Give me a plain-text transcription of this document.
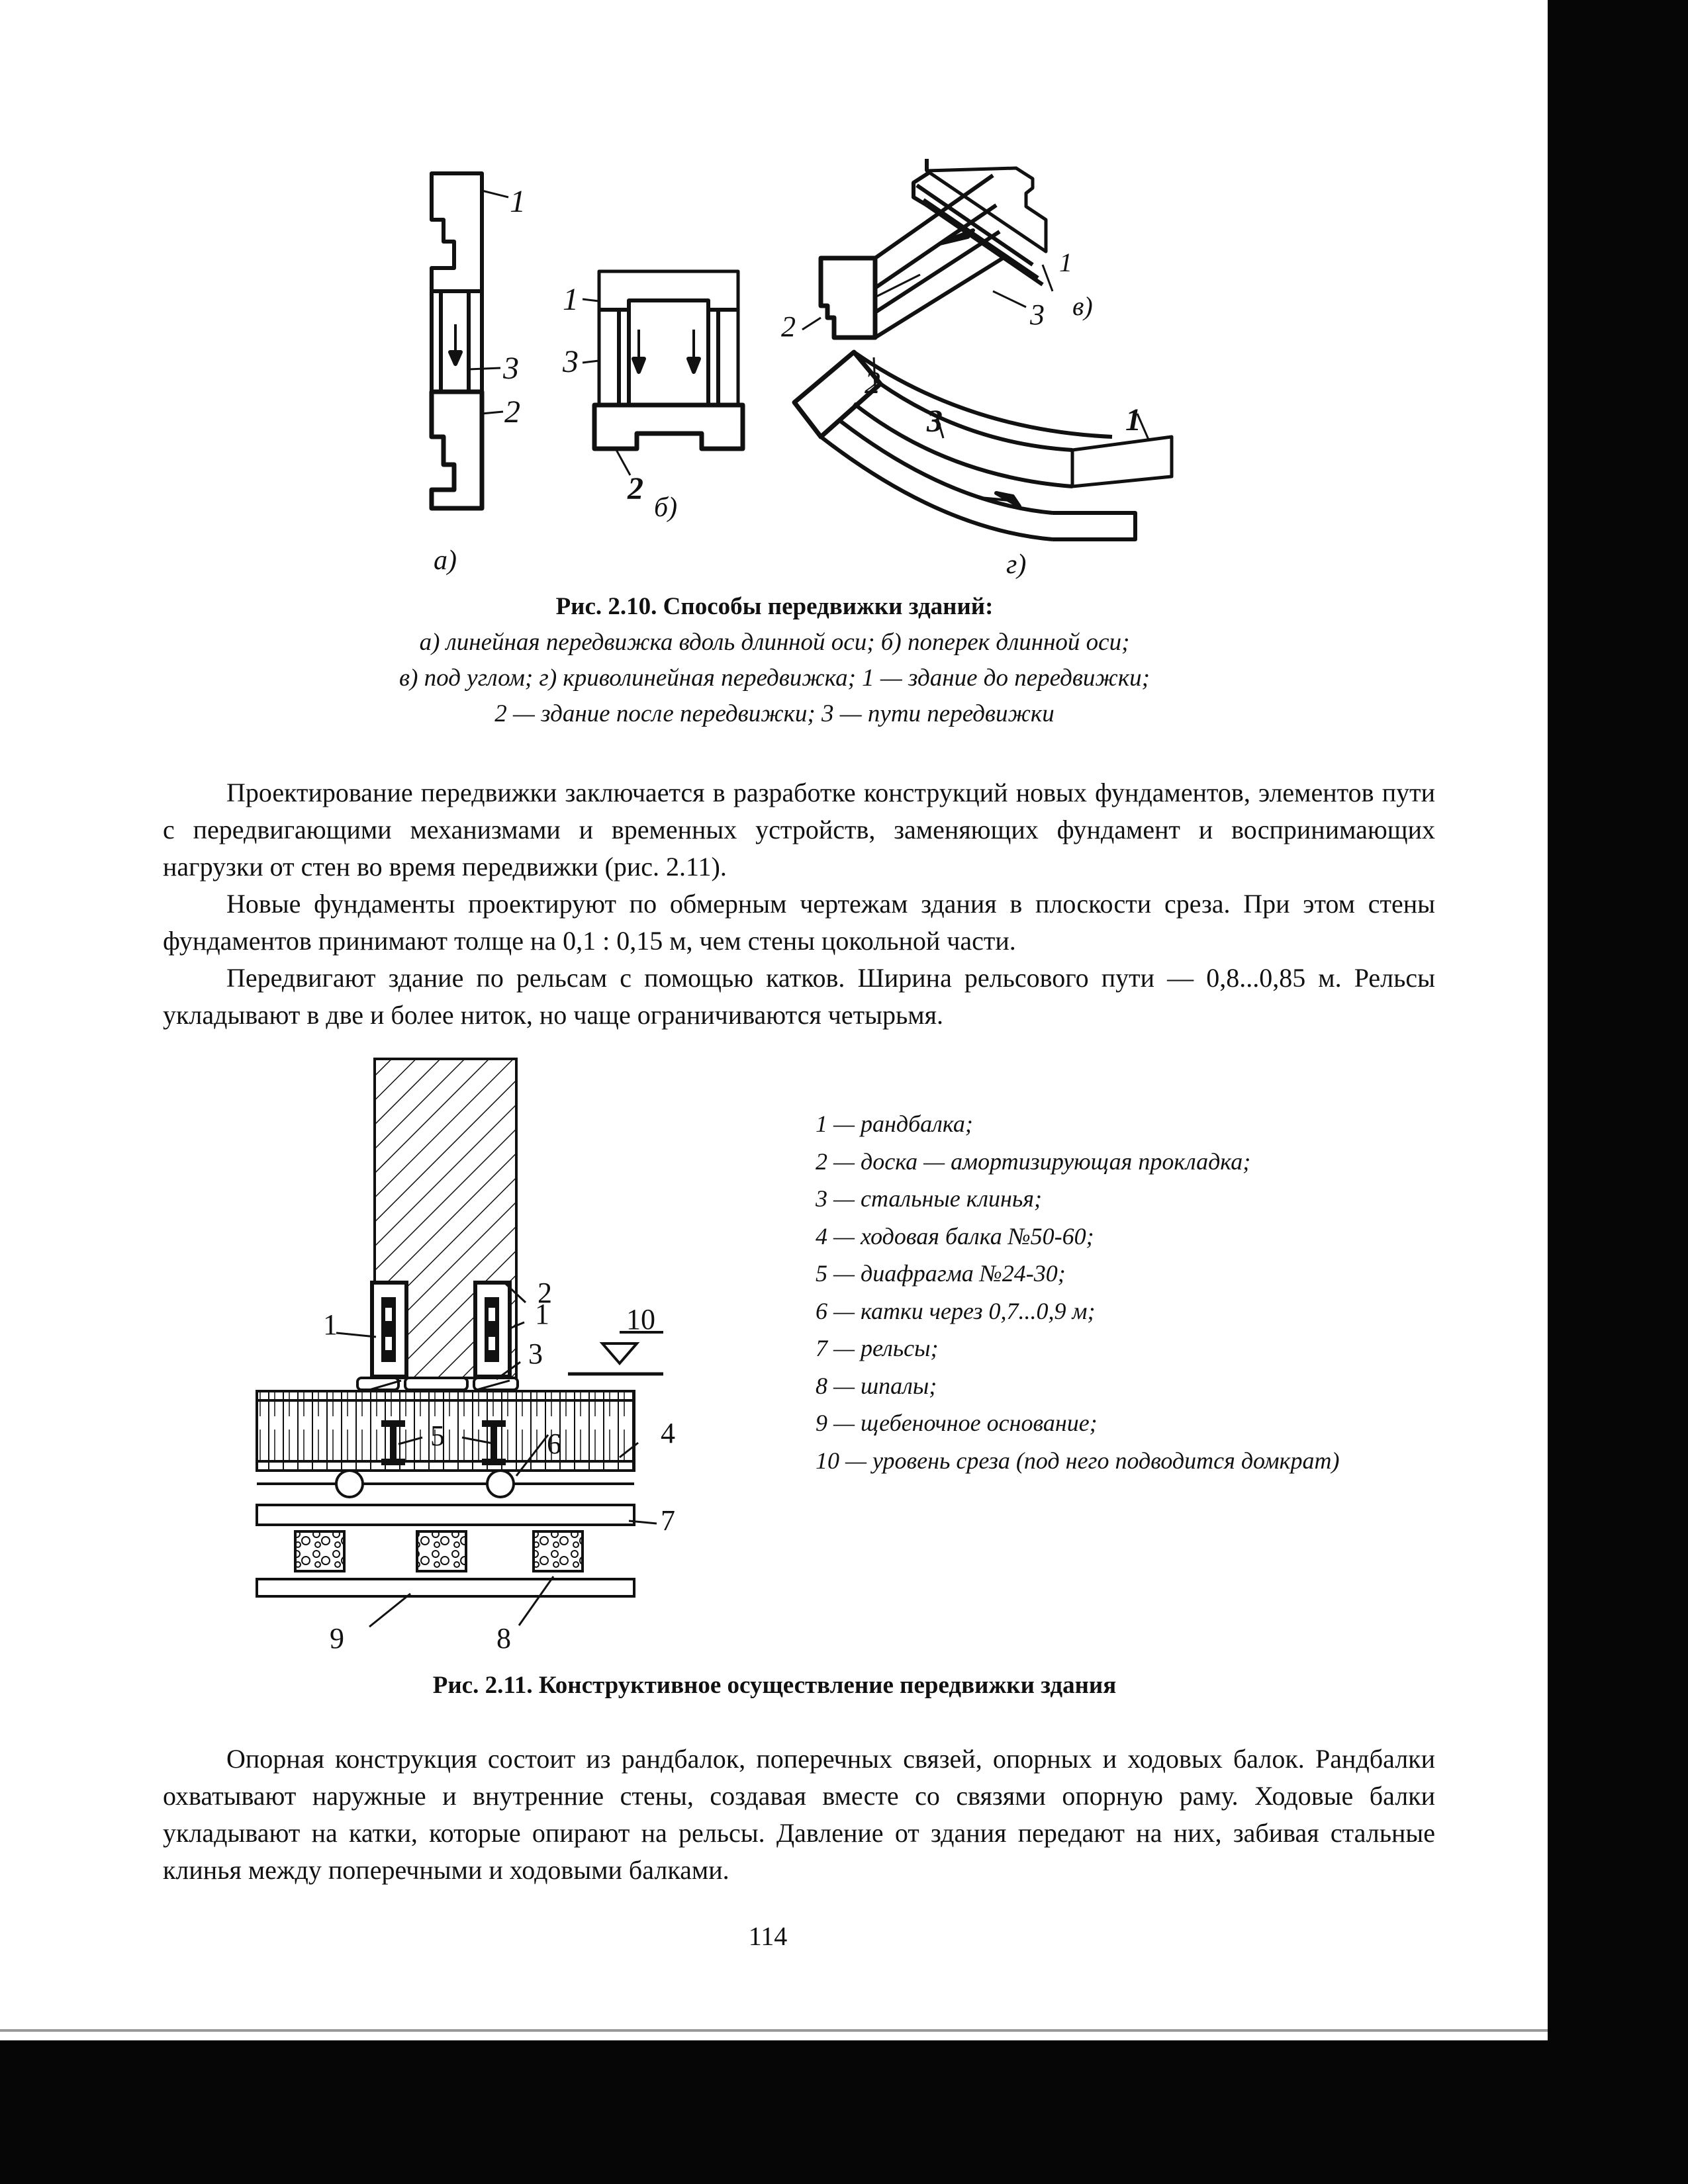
1
3
2
1
3
2
2	3
1
2
3	1
а)
б)
в)
г)
Рис. 2.10. Способы передвижки зданий:
а) линейная передвижка вдоль длинной оси; б) поперек длинной оси;
в) под углом; г) криволинейная передвижка; 1 — здание до передвижки;
2 — здание после передвижки; 3 — пути передвижки

Проектирование передвижки заключается в разработке конструкций новых фундаментов, элементов пути с передвигающими механизмами и временных устройств, заменяющих фундамент и воспринимающих нагрузки от стен во время передвижки (рис. 2.11).

Новые фундаменты проектируют по обмерным чертежам здания в плоскости среза. При этом стены фундаментов принимают толще на 0,1 : 0,15 м, чем стены цокольной части.

Передвигают здание по рельсам с помощью катков. Ширина рельсового пути — 0,8...0,85 м. Рельсы укладывают в две и более ниток, но чаще ограничиваются четырьмя.

1
2
1	10
3
5	6	4
7
9	8
1 — рандбалка;
2 — доска — амортизирующая прокладка;
3 — стальные клинья;
4 — ходовая балка №50-60;
5 — диафрагма №24-30;
6 — катки через 0,7...0,9 м;
7 — рельсы;
8 — шпалы;
9 — щебеночное основание;
10 — уровень среза (под него подводится домкрат)
Рис. 2.11. Конструктивное осуществление передвижки здания

Опорная конструкция состоит из рандбалок, поперечных связей, опорных и ходовых балок. Рандбалки охватывают наружные и внутренние стены, создавая вместе со связями опорную раму. Ходовые балки укладывают на катки, которые опирают на рельсы. Давление от здания передают на них, забивая стальные клинья между поперечными и ходовыми балками.

114
